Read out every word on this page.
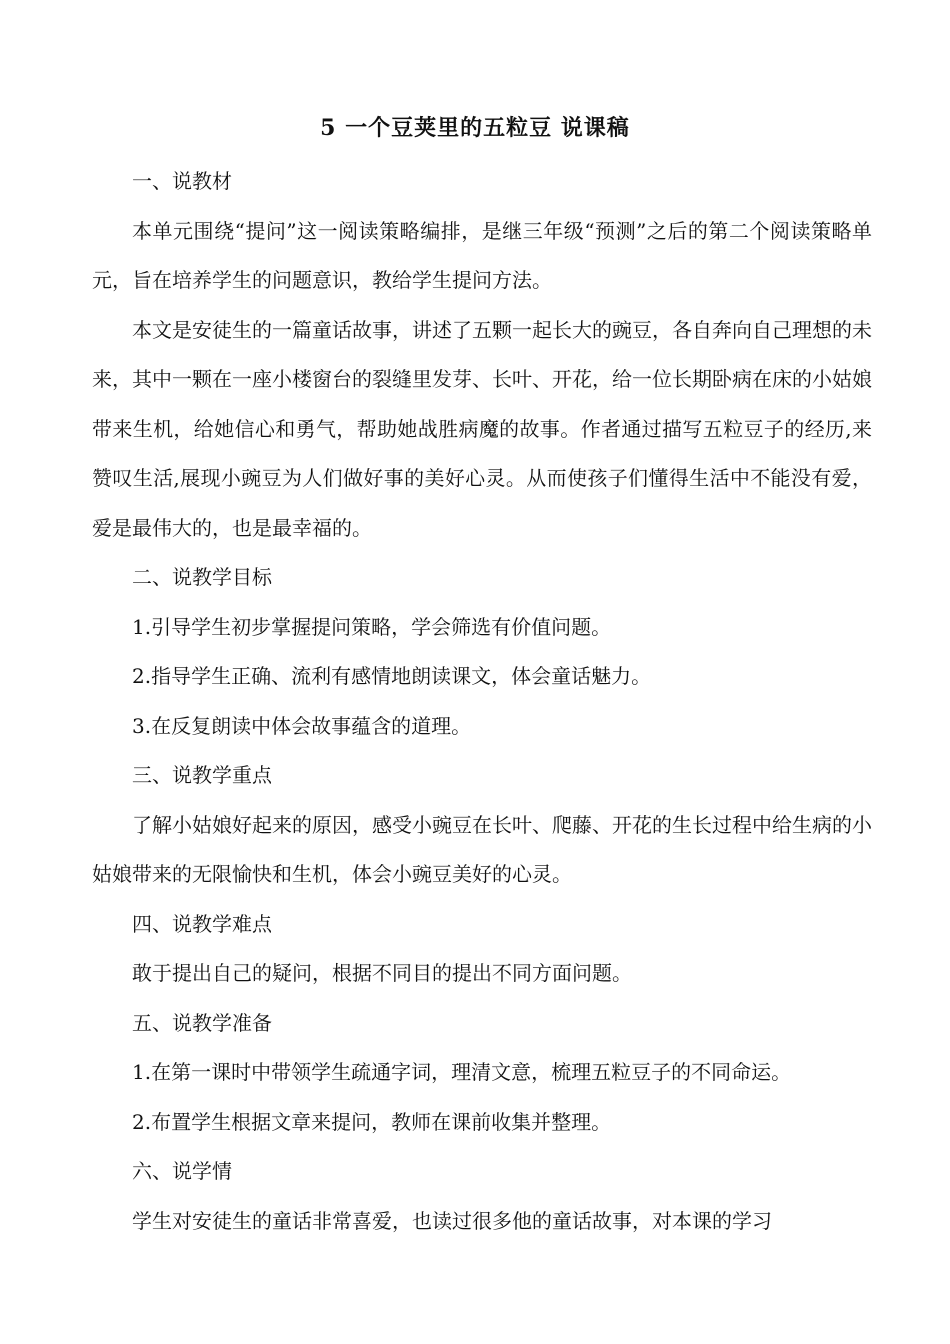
5 一个豆荚里的五粒豆 说课稿

一、说教材

本单元围绕“提问”这一阅读策略编排，是继三年级“预测”之后的第二个阅读策略单元，旨在培养学生的问题意识，教给学生提问方法。

本文是安徒生的一篇童话故事，讲述了五颗一起长大的豌豆，各自奔向自己理想的未来，其中一颗在一座小楼窗台的裂缝里发芽、长叶、开花，给一位长期卧病在床的小姑娘带来生机，给她信心和勇气，帮助她战胜病魔的故事。作者通过描写五粒豆子的经历,来赞叹生活,展现小豌豆为人们做好事的美好心灵。从而使孩子们懂得生活中不能没有爱，爱是最伟大的，也是最幸福的。

二、说教学目标

1.引导学生初步掌握提问策略，学会筛选有价值问题。

2.指导学生正确、流利有感情地朗读课文，体会童话魅力。

3.在反复朗读中体会故事蕴含的道理。

三、说教学重点

了解小姑娘好起来的原因，感受小豌豆在长叶、爬藤、开花的生长过程中给生病的小姑娘带来的无限愉快和生机，体会小豌豆美好的心灵。

四、说教学难点

敢于提出自己的疑问，根据不同目的提出不同方面问题。

五、说教学准备

1.在第一课时中带领学生疏通字词，理清文意，梳理五粒豆子的不同命运。

2.布置学生根据文章来提问，教师在课前收集并整理。

六、说学情

学生对安徒生的童话非常喜爱，也读过很多他的童话故事，对本课的学习
